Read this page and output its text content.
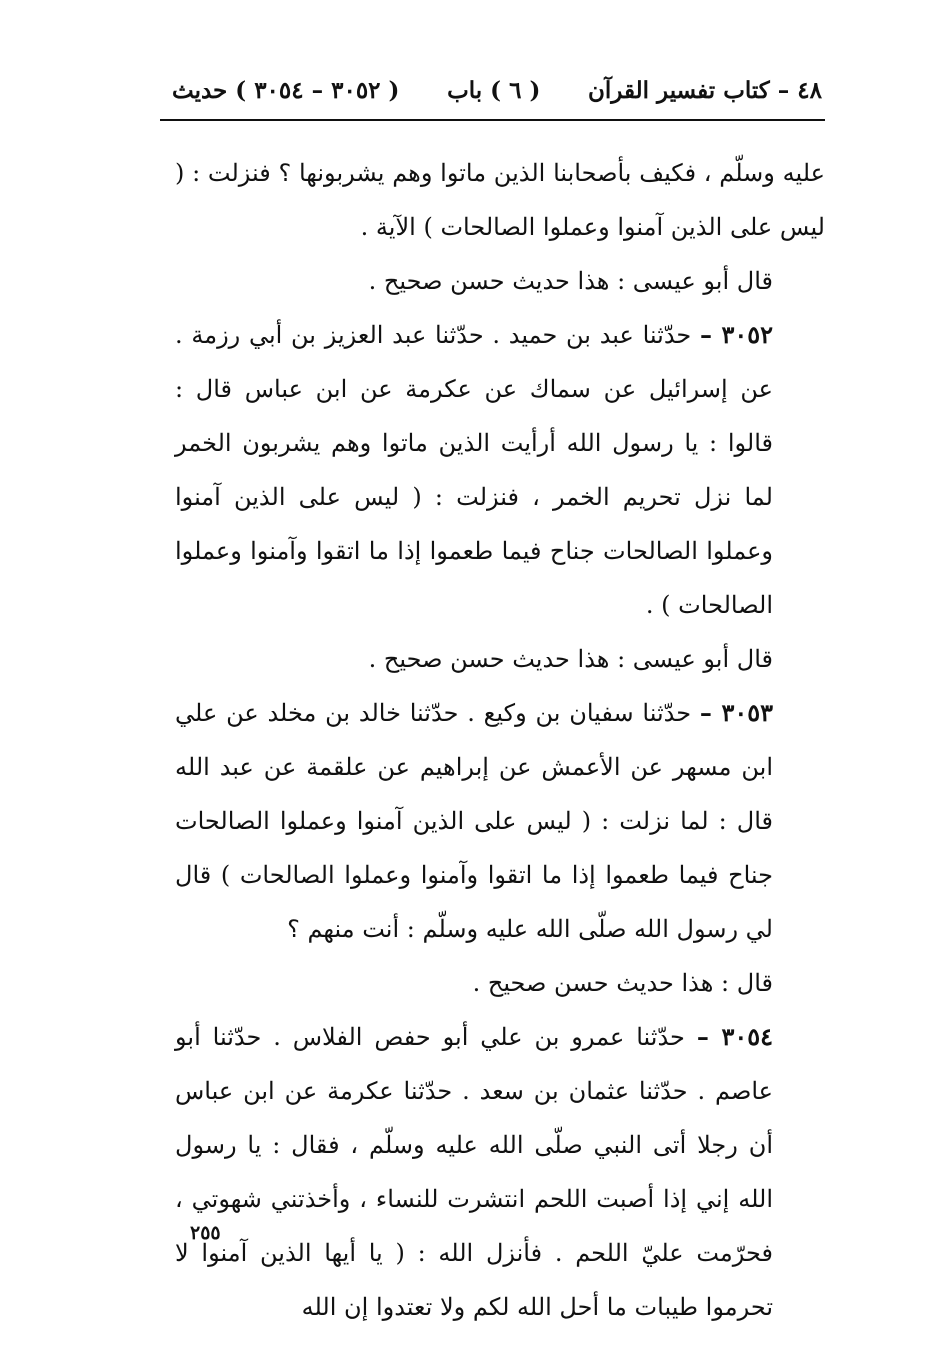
٤٨ – كتاب تفسير القرآن
( ٦ ) باب
( ٣٠٥٢ – ٣٠٥٤ ) حديث

عليه وسلّم ، فكيف بأصحابنا الذين ماتوا وهم يشربونها ؟ فنزلت : ( ليس على الذين آمنوا وعملوا الصالحات ) الآية .

قال أبو عيسى : هذا حديث حسن صحيح .

٣٠٥٢ – حدّثنا عبد بن حميد . حدّثنا عبد العزيز بن أبي رزمة . عن إسرائيل عن سماك عن عكرمة عن ابن عباس قال : قالوا : يا رسول الله أرأيت الذين ماتوا وهم يشربون الخمر لما نزل تحريم الخمر ، فنزلت : ( ليس على الذين آمنوا وعملوا الصالحات جناح فيما طعموا إذا ما اتقوا وآمنوا وعملوا الصالحات ) .

قال أبو عيسى : هذا حديث حسن صحيح .

٣٠٥٣ – حدّثنا سفيان بن وكيع . حدّثنا خالد بن مخلد عن علي ابن مسهر عن الأعمش عن إبراهيم عن علقمة عن عبد الله قال : لما نزلت : ( ليس على الذين آمنوا وعملوا الصالحات جناح فيما طعموا إذا ما اتقوا وآمنوا وعملوا الصالحات ) قال لي رسول الله صلّى الله عليه وسلّم : أنت منهم ؟

قال : هذا حديث حسن صحيح .

٣٠٥٤ – حدّثنا عمرو بن علي أبو حفص الفلاس . حدّثنا أبو عاصم . حدّثنا عثمان بن سعد . حدّثنا عكرمة عن ابن عباس أن رجلا أتى النبي صلّى الله عليه وسلّم ، فقال : يا رسول الله إني إذا أصبت اللحم انتشرت للنساء ، وأخذتني شهوتي ، فحرّمت عليّ اللحم . فأنزل الله : ( يا أيها الذين آمنوا لا تحرموا طيبات ما أحل الله لكم ولا تعتدوا إن الله

٢٥٥
